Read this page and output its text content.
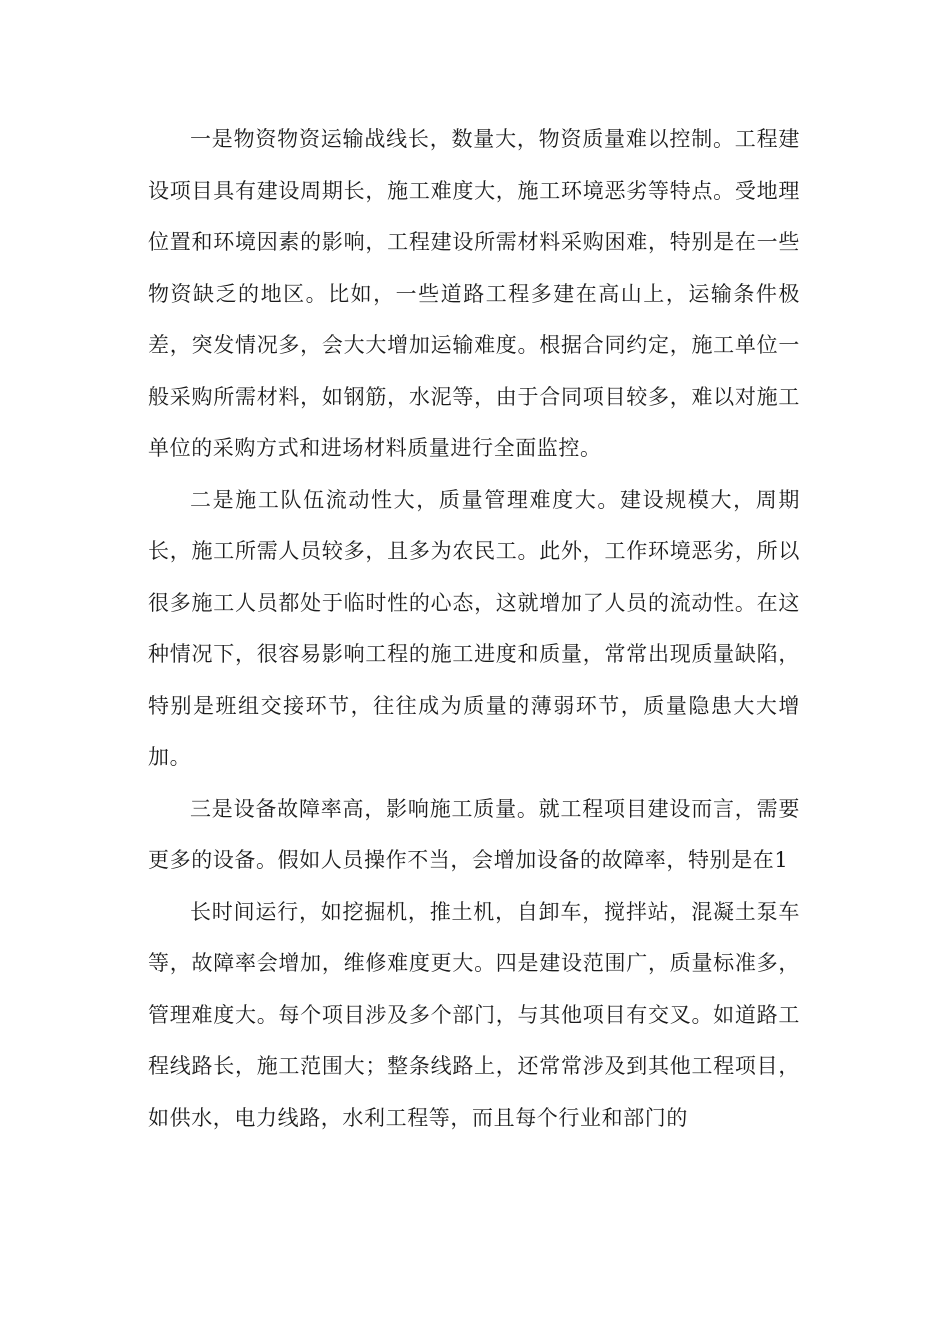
一是物资物资运输战线长，数量大，物资质量难以控制。工程建设项目具有建设周期长，施工难度大，施工环境恶劣等特点。受地理位置和环境因素的影响，工程建设所需材料采购困难，特别是在一些物资缺乏的地区。比如，一些道路工程多建在高山上，运输条件极差，突发情况多，会大大增加运输难度。根据合同约定，施工单位一般采购所需材料，如钢筋，水泥等，由于合同项目较多，难以对施工单位的采购方式和进场材料质量进行全面监控。

二是施工队伍流动性大，质量管理难度大。建设规模大，周期长，施工所需人员较多，且多为农民工。此外，工作环境恶劣，所以很多施工人员都处于临时性的心态，这就增加了人员的流动性。在这种情况下，很容易影响工程的施工进度和质量，常常出现质量缺陷，特别是班组交接环节，往往成为质量的薄弱环节，质量隐患大大增加。

三是设备故障率高，影响施工质量。就工程项目建设而言，需要更多的设备。假如人员操作不当，会增加设备的故障率，特别是在1

长时间运行，如挖掘机，推土机，自卸车，搅拌站，混凝土泵车等，故障率会增加，维修难度更大。四是建设范围广，质量标准多，管理难度大。每个项目涉及多个部门，与其他项目有交叉。如道路工程线路长，施工范围大；整条线路上，还常常涉及到其他工程项目，如供水，电力线路，水利工程等，而且每个行业和部门的
